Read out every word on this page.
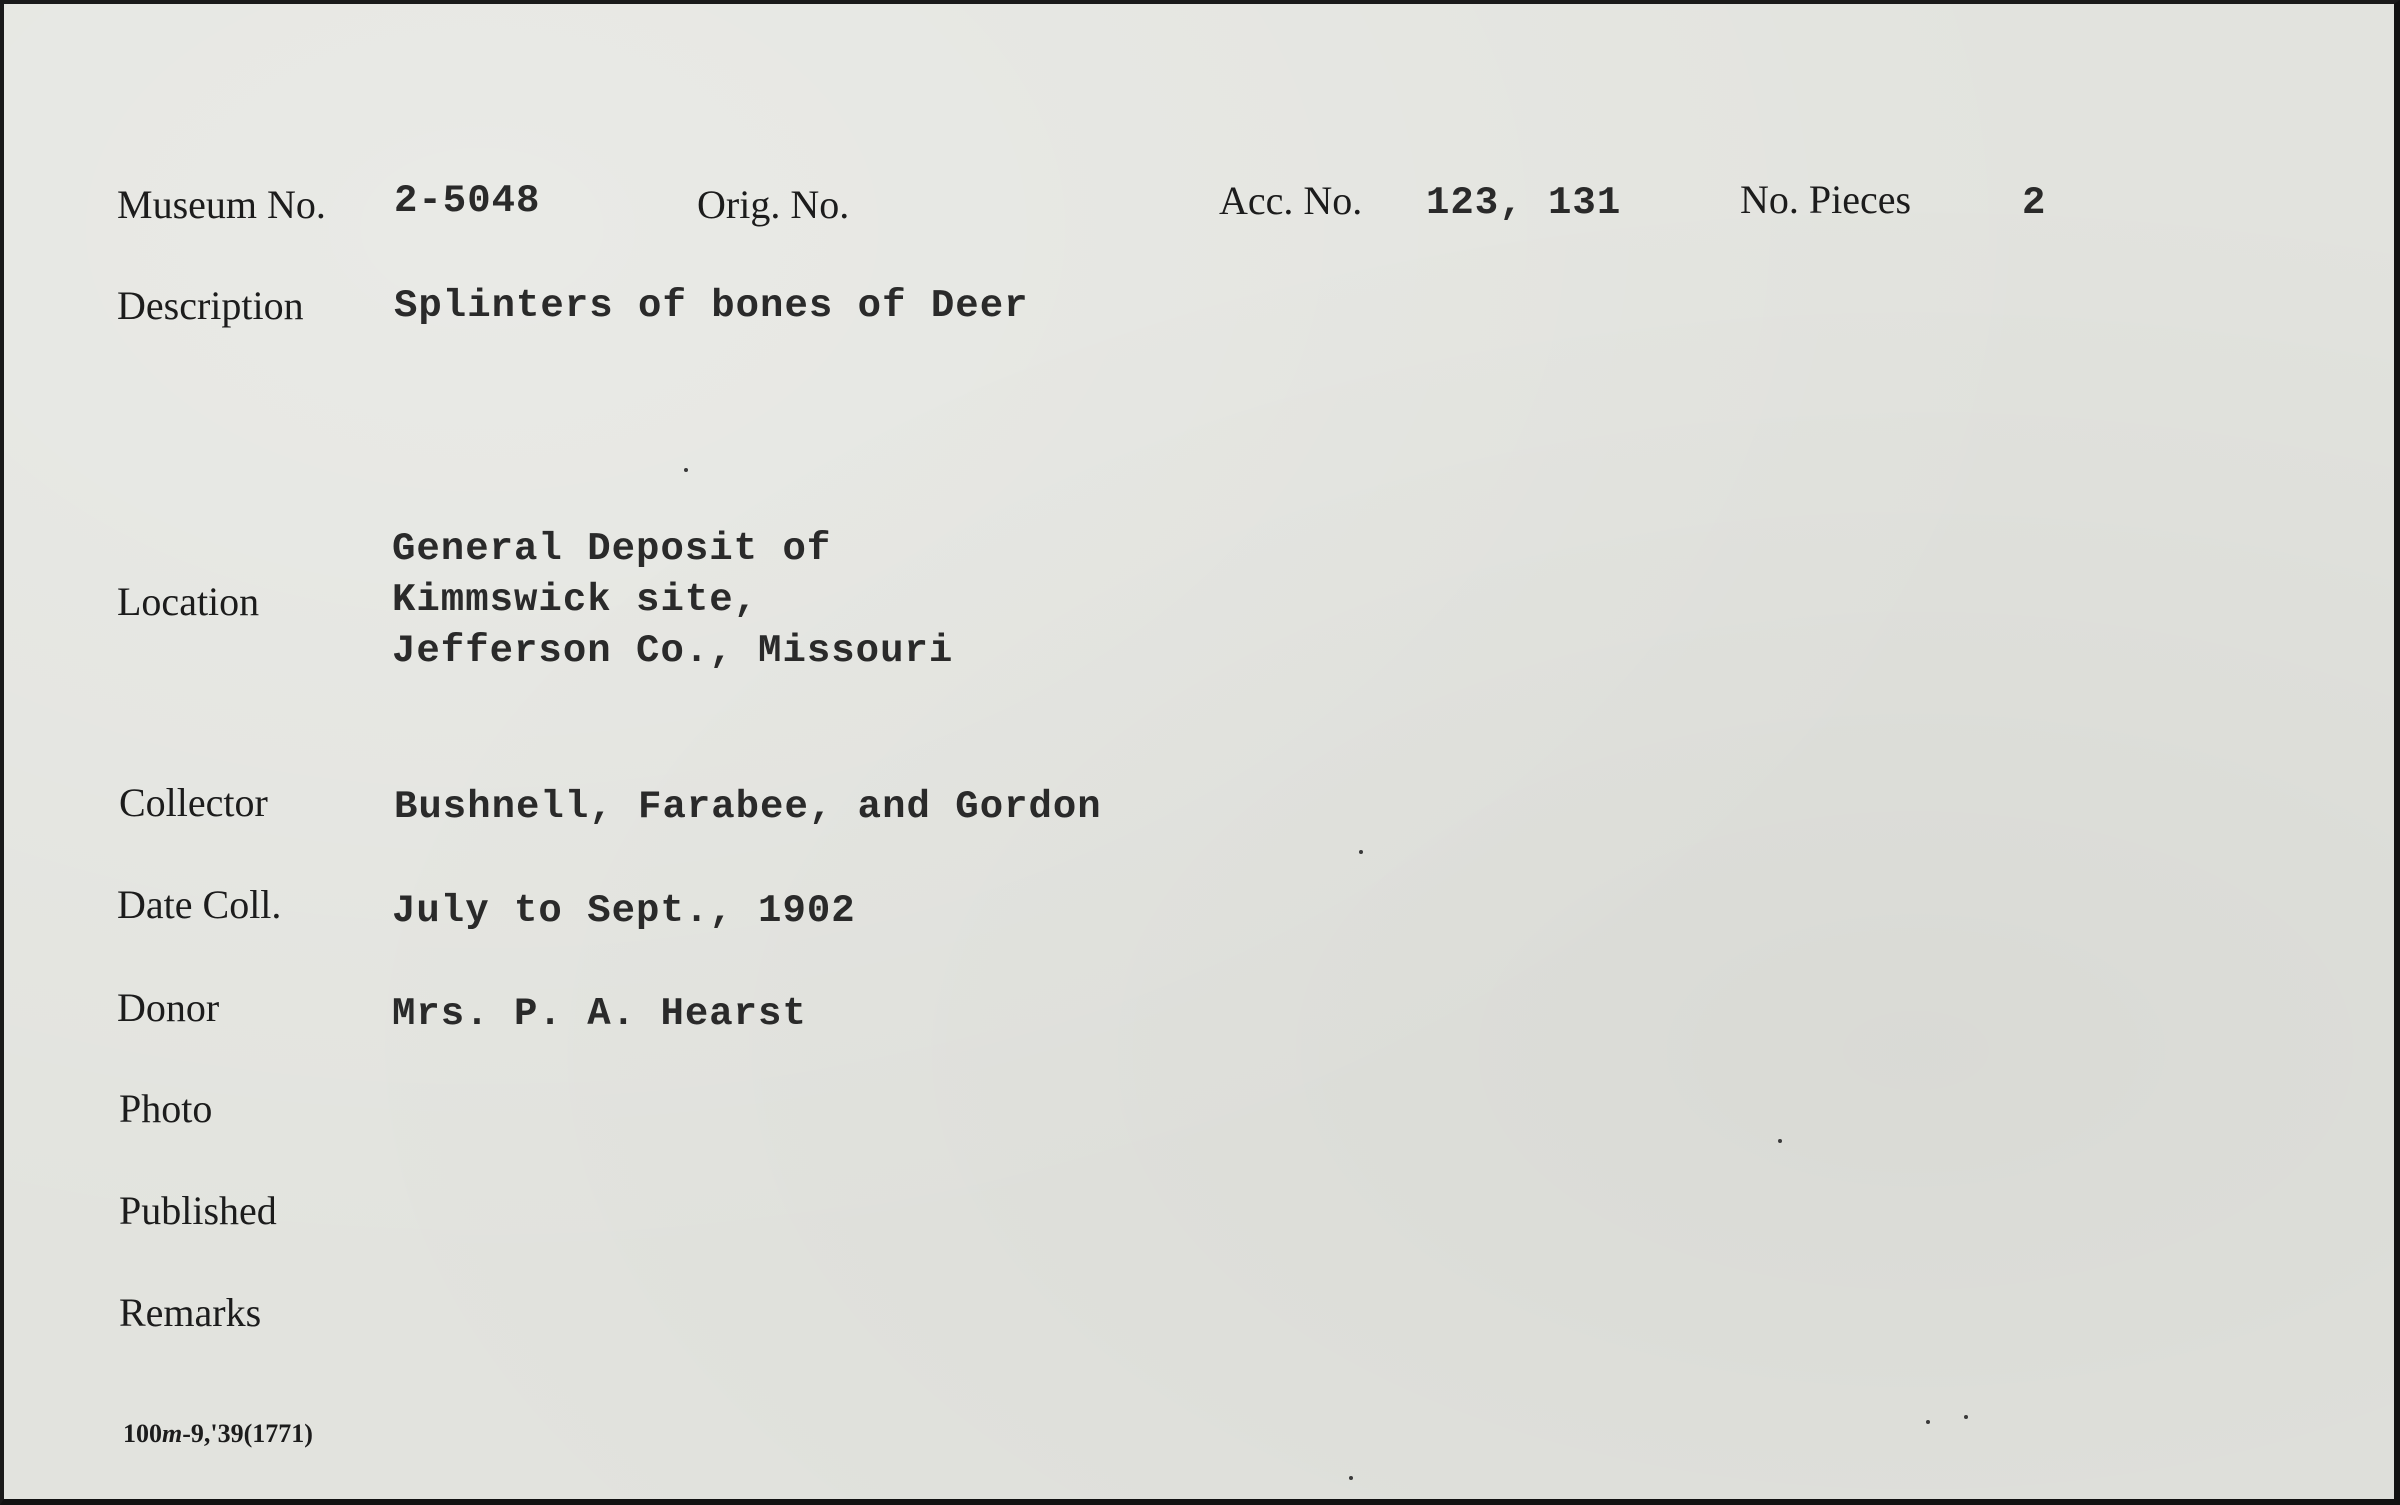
Museum No. 2-5048	Orig. No.	Acc. No. 123, 131	No. Pieces	2
Description Splinters of bones of Deer
Location
General Deposit of
Kimmswick site,
Jefferson Co., Missouri
Collector	Bushnell, Farabee, and Gordon
Date Coll.	July to Sept., 1902
Donor	Mrs. P. A. Hearst
Photo
Published
Remarks
100m-9,'39(1771)
